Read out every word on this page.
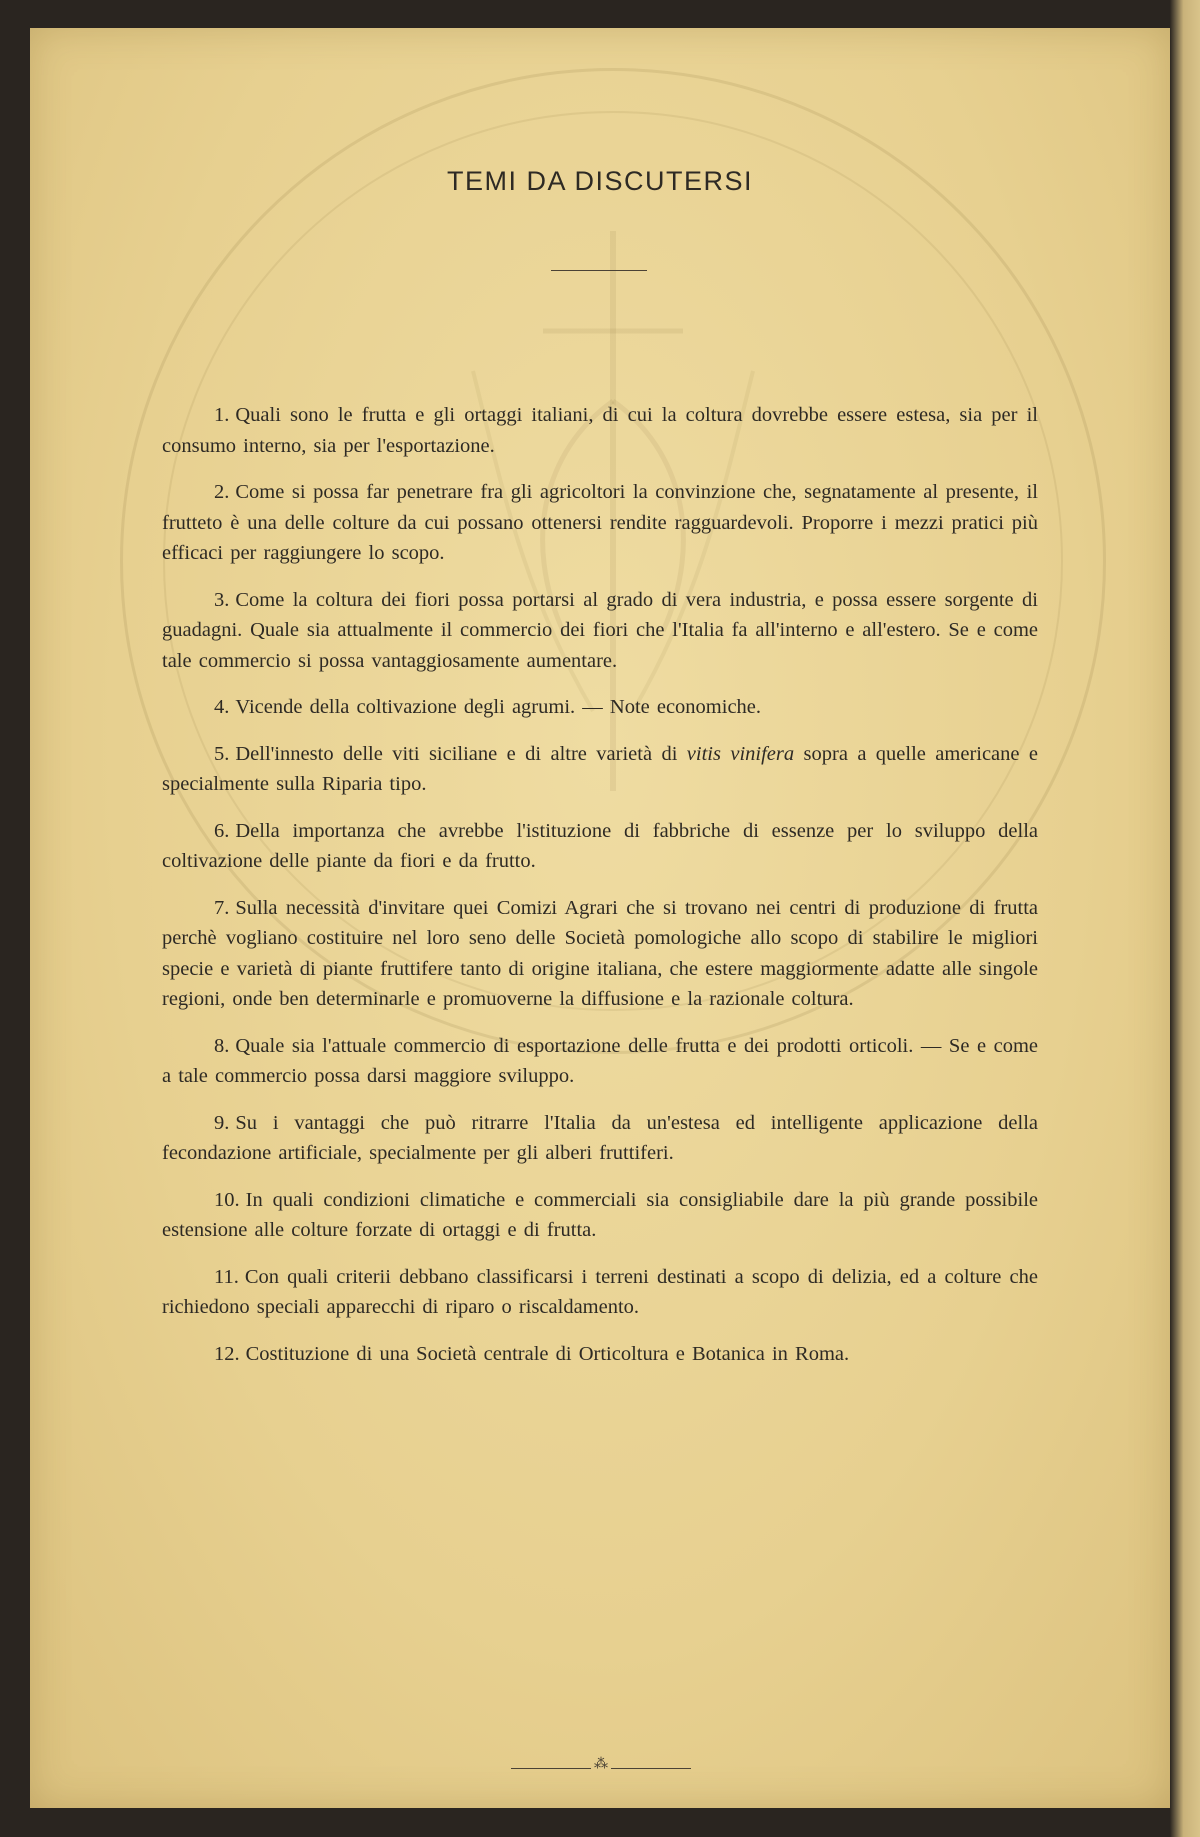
TEMI DA DISCUTERSI

1. Quali sono le frutta e gli ortaggi italiani, di cui la coltura dovrebbe essere estesa, sia per il consumo interno, sia per l'esportazione.

2. Come si possa far penetrare fra gli agricoltori la convinzione che, segnatamente al presente, il frutteto è una delle colture da cui possano ottenersi rendite ragguardevoli. Proporre i mezzi pratici più efficaci per raggiungere lo scopo.

3. Come la coltura dei fiori possa portarsi al grado di vera industria, e possa essere sorgente di guadagni. Quale sia attualmente il commercio dei fiori che l'Italia fa all'interno e all'estero. Se e come tale commercio si possa vantaggiosamente aumentare.

4. Vicende della coltivazione degli agrumi. — Note economiche.

5. Dell'innesto delle viti siciliane e di altre varietà di vitis vinifera sopra a quelle americane e specialmente sulla Riparia tipo.

6. Della importanza che avrebbe l'istituzione di fabbriche di essenze per lo sviluppo della coltivazione delle piante da fiori e da frutto.

7. Sulla necessità d'invitare quei Comizi Agrari che si trovano nei centri di produzione di frutta perchè vogliano costituire nel loro seno delle Società pomologiche allo scopo di stabilire le migliori specie e varietà di piante fruttifere tanto di origine italiana, che estere maggiormente adatte alle singole regioni, onde ben determinarle e promuoverne la diffusione e la razionale coltura.

8. Quale sia l'attuale commercio di esportazione delle frutta e dei prodotti orticoli. — Se e come a tale commercio possa darsi maggiore sviluppo.

9. Su i vantaggi che può ritrarre l'Italia da un'estesa ed intelligente applicazione della fecondazione artificiale, specialmente per gli alberi fruttiferi.

10. In quali condizioni climatiche e commerciali sia consigliabile dare la più grande possibile estensione alle colture forzate di ortaggi e di frutta.

11. Con quali criterii debbano classificarsi i terreni destinati a scopo di delizia, ed a colture che richiedono speciali apparecchi di riparo o riscaldamento.

12. Costituzione di una Società centrale di Orticoltura e Botanica in Roma.

⁂
